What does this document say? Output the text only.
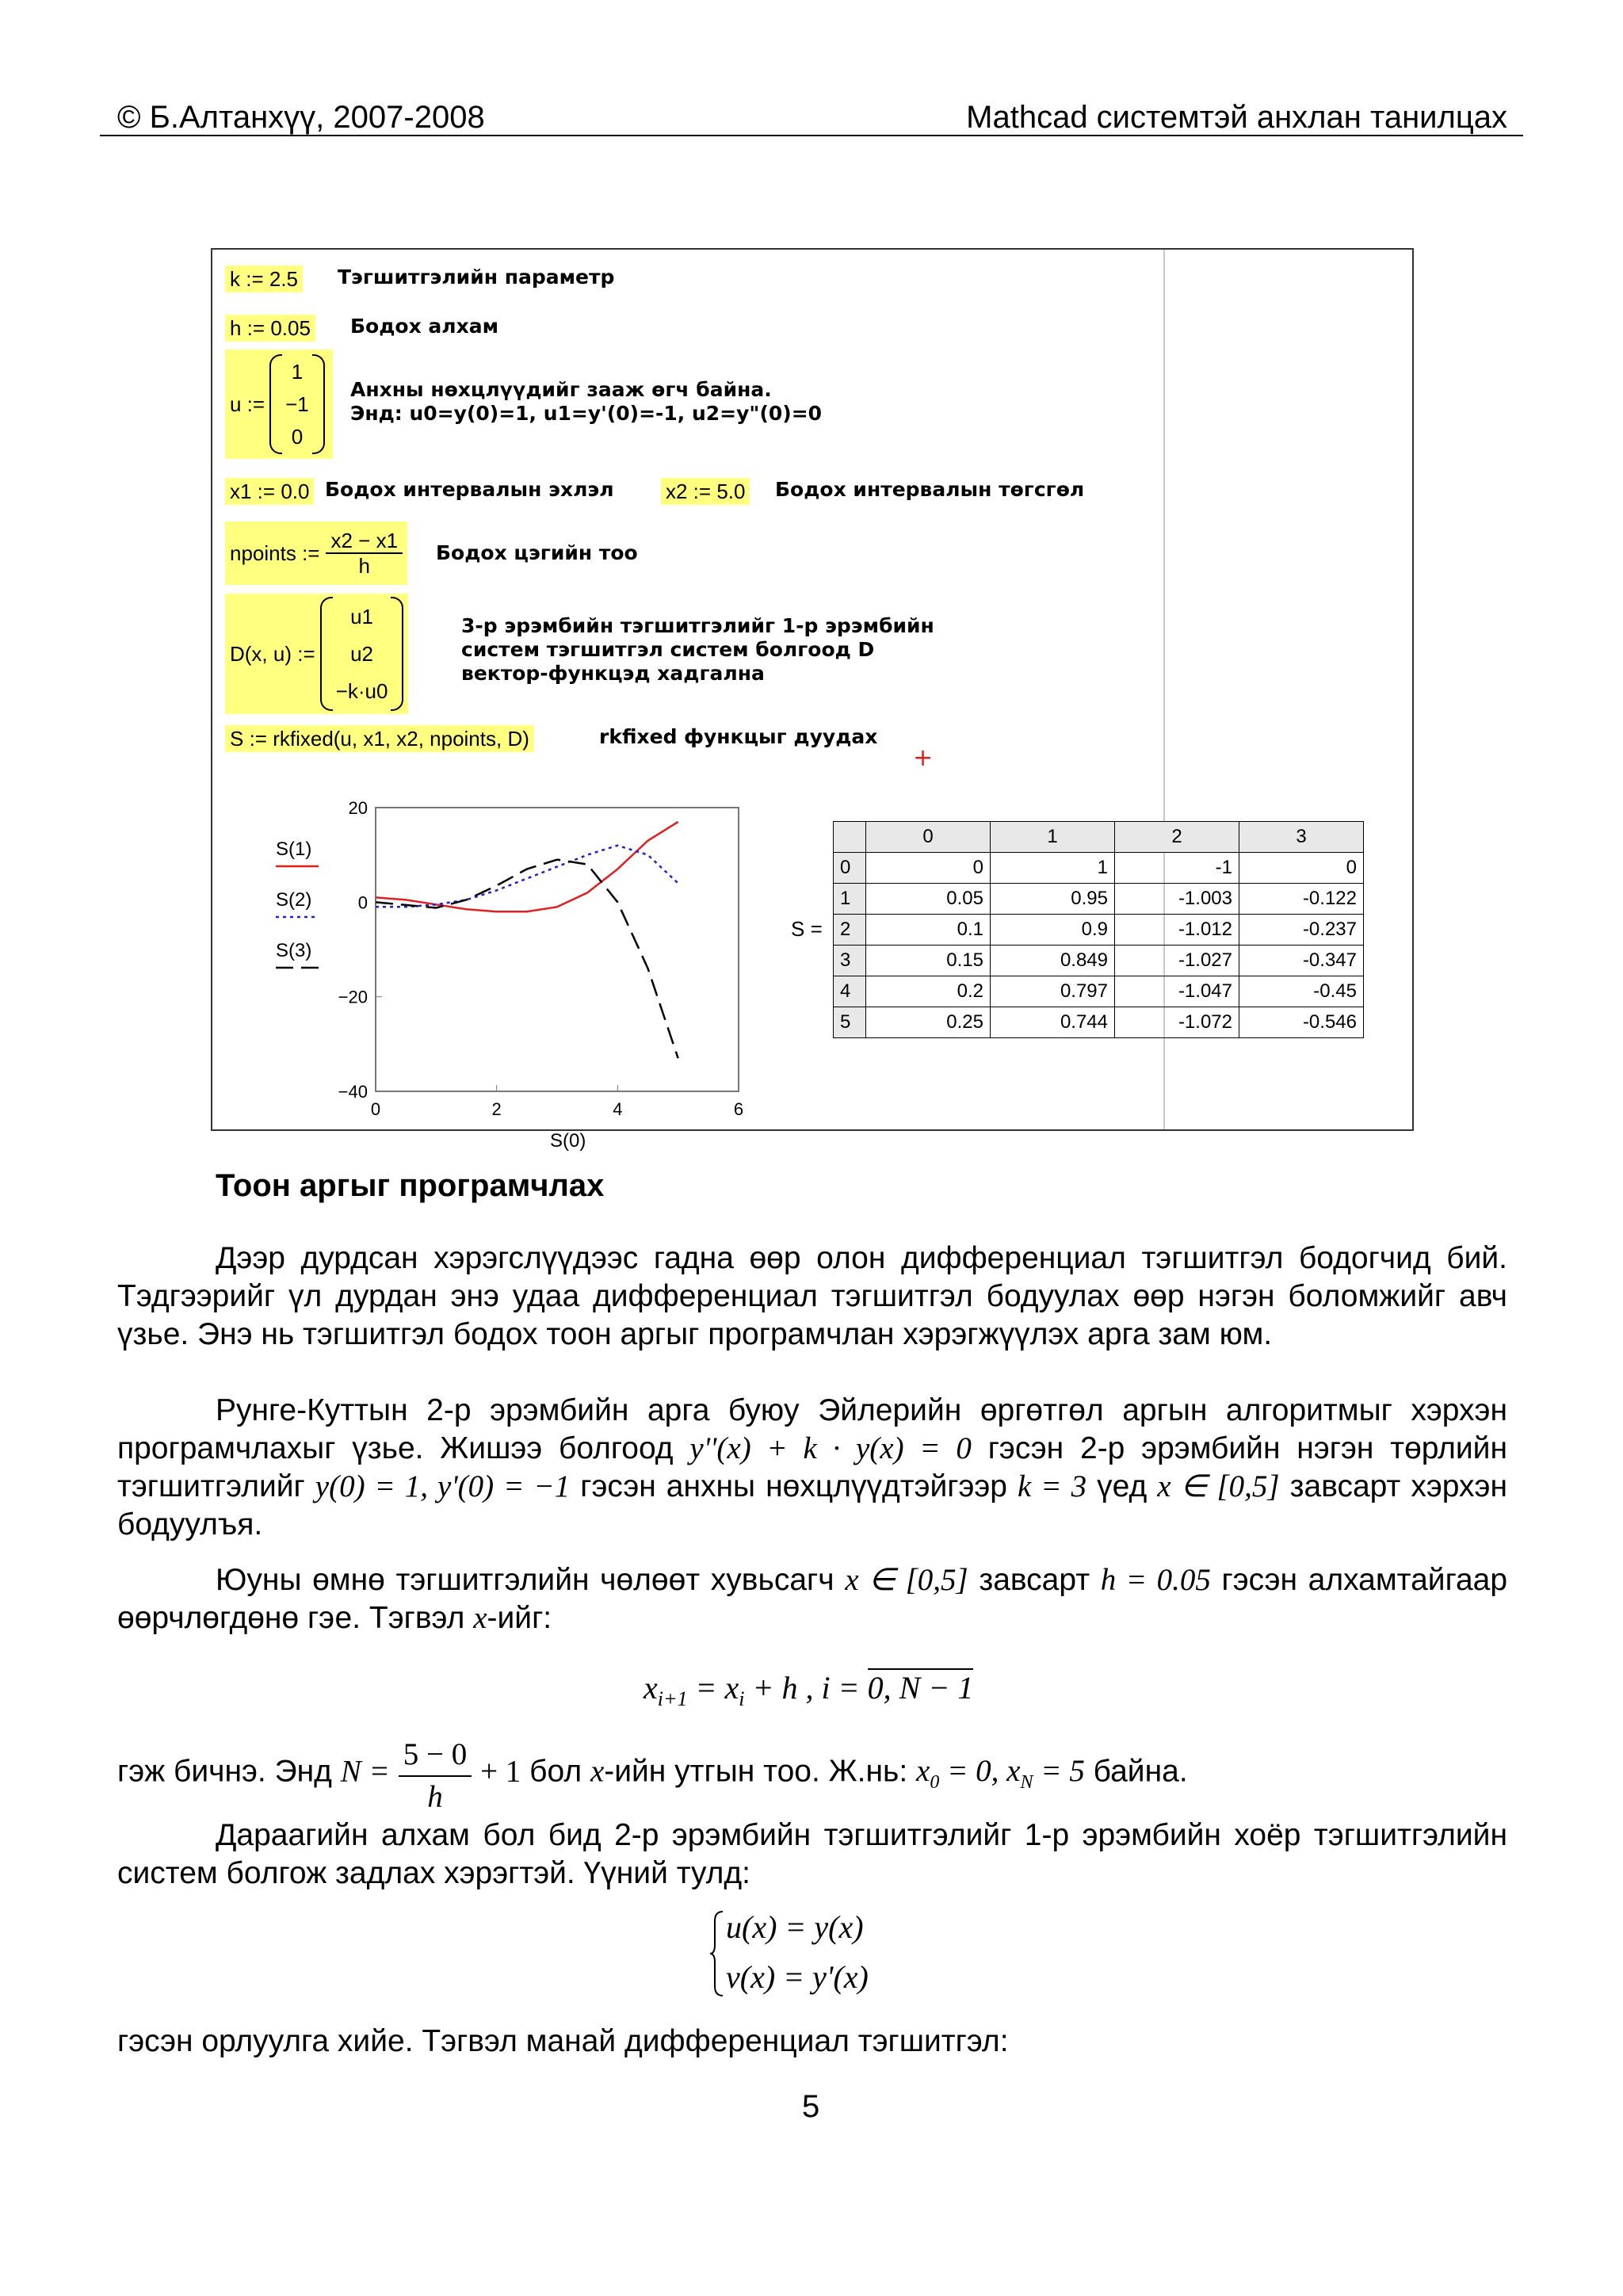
© Б.Алтанхүү, 2007-2008	Mathcad системтэй анхлан танилцах
k := 2.5 Тэгшитгэлийн параметр
h := 0.05 Бодох алхам
u :=
1
−1
0
Анхны нөхцлүүдийг зааж өгч байна.
Энд: u0=y(0)=1, u1=y'(0)=-1, u2=y"(0)=0
x1 := 0.0 Бодох интервалын эхлэл	x2 := 5.0 Бодох интервалын төгсгөл
npoints := $\frac{x2 - x1}{h}$ Бодох цэгийн тоо
D(x, u) :=
u1
u2
−k·u0
3-р эрэмбийн тэгшитгэлийг 1-р эрэмбийн
систем тэгшитгэл систем болгоод D
вектор-функцэд хадгална
S := rkfixed(u, x1, x2, npoints, D)	rkfixed функцыг дуудах
+
20
0
−20
−40
0	2	4	6
S(0)
S(1)
S(2)
S(3)
S =
	0	1	2	3
0	0	1	-1	0
1	0.05	0.95	-1.003	-0.122
2	0.1	0.9	-1.012	-0.237
3	0.15	0.849	-1.027	-0.347
4	0.2	0.797	-1.047	-0.45
5	0.25	0.744	-1.072	-0.546
Тоон аргыг програмчлах
Дээр дурдсан хэрэгслүүдээс гадна өөр олон дифференциал тэгшитгэл бодогчид бий. Тэдгээрийг үл дурдан энэ удаа дифференциал тэгшитгэл бодуулах өөр нэгэн боломжийг авч үзье. Энэ нь тэгшитгэл бодох тоон аргыг програмчлан хэрэгжүүлэх арга зам юм.
Рунге-Куттын 2-р эрэмбийн арга буюу Эйлерийн өргөтгөл аргын алгоритмыг хэрхэн програмчлахыг үзье. Жишээ болгоод y''(x) + k · y(x) = 0 гэсэн 2-р эрэмбийн нэгэн төрлийн тэгшитгэлийг y(0) = 1, y'(0) = −1 гэсэн анхны нөхцлүүдтэйгээр k = 3 үед x ∈ [0,5] завсарт хэрхэн бодуулъя.
Юуны өмнө тэгшитгэлийн чөлөөт хувьсагч x ∈ [0,5] завсарт h = 0.05 гэсэн алхамтайгаар өөрчлөгдөнө гэе. Тэгвэл x-ийг:
$x_{i+1} = x_i + h$ , i = 0, N − 1
гэж бичнэ. Энд $N = \frac{5 - 0}{h} + 1$ бол x-ийн утгын тоо. Ж.нь: $x_0 = 0$, $x_N = 5$ байна.
Дараагийн алхам бол бид 2-р эрэмбийн тэгшитгэлийг 1-р эрэмбийн хоёр тэгшитгэлийн систем болгож задлах хэрэгтэй. Үүний тулд:
u(x) = y(x)
v(x) = y'(x)
гэсэн орлуулга хийе. Тэгвэл манай дифференциал тэгшитгэл:
5
